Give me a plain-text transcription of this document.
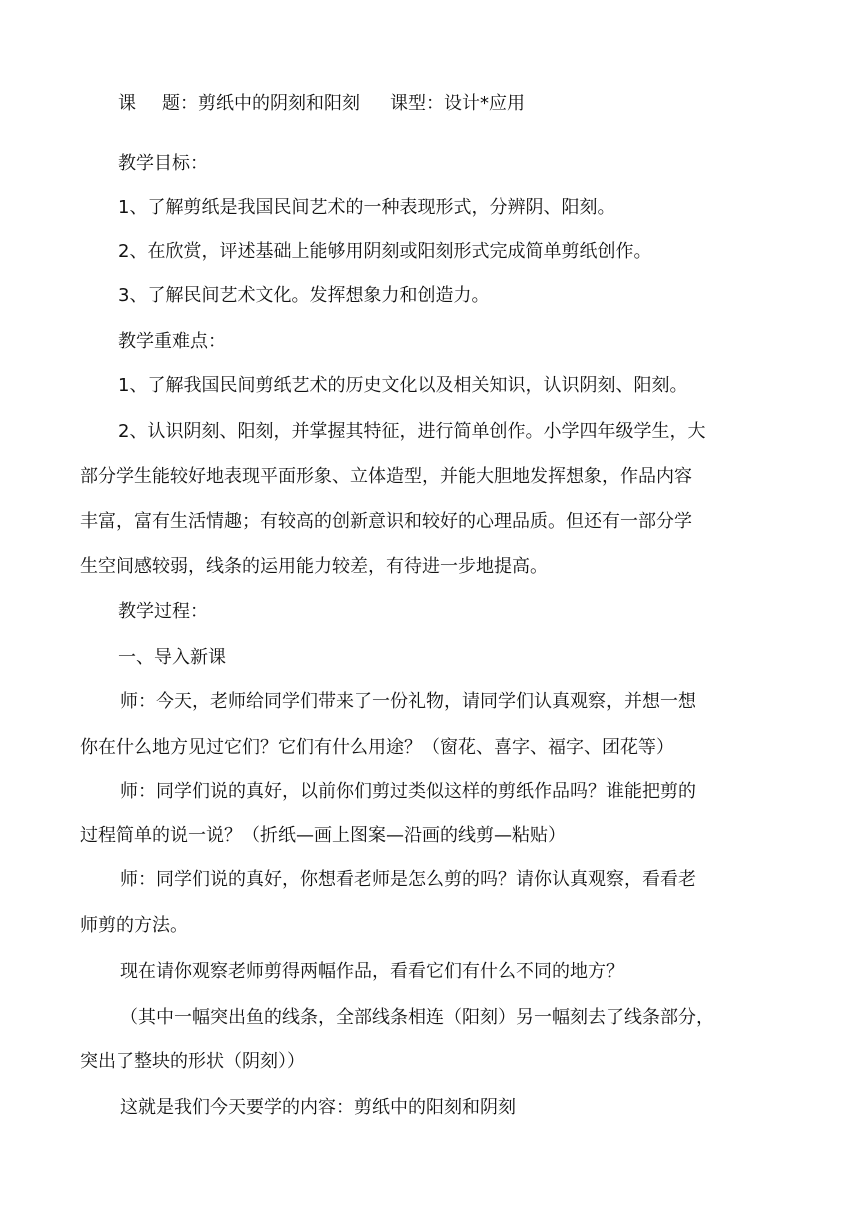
课 题：剪纸中的阴刻和阳刻 课型：设计*应用
教学目标：
1、了解剪纸是我国民间艺术的一种表现形式，分辨阴、阳刻。
2、在欣赏，评述基础上能够用阴刻或阳刻形式完成简单剪纸创作。
3、了解民间艺术文化。发挥想象力和创造力。
教学重难点：
1、了解我国民间剪纸艺术的历史文化以及相关知识，认识阴刻、阳刻。
2、认识阴刻、阳刻，并掌握其特征，进行简单创作。小学四年级学生，大
部分学生能较好地表现平面形象、立体造型，并能大胆地发挥想象，作品内容
丰富，富有生活情趣；有较高的创新意识和较好的心理品质。但还有一部分学
生空间感较弱，线条的运用能力较差，有待进一步地提高。
教学过程：
一、导入新课
师：今天，老师给同学们带来了一份礼物，请同学们认真观察，并想一想
你在什么地方见过它们？它们有什么用途？（窗花、喜字、福字、团花等）
师：同学们说的真好，以前你们剪过类似这样的剪纸作品吗？谁能把剪的
过程简单的说一说？（折纸—画上图案—沿画的线剪—粘贴）
师：同学们说的真好，你想看老师是怎么剪的吗？请你认真观察，看看老
师剪的方法。
现在请你观察老师剪得两幅作品，看看它们有什么不同的地方？
（其中一幅突出鱼的线条，全部线条相连（阳刻）另一幅刻去了线条部分，
突出了整块的形状（阴刻））
这就是我们今天要学的内容：剪纸中的阳刻和阴刻
